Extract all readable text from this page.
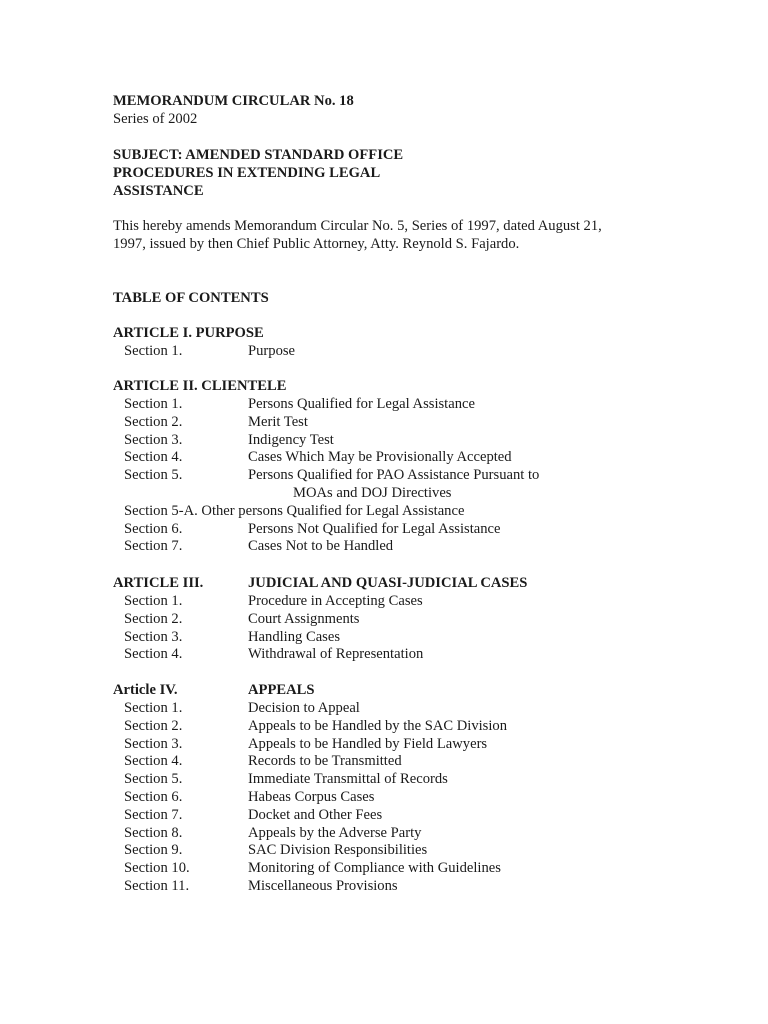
MEMORANDUM CIRCULAR No. 18

Series of 2002

SUBJECT: AMENDED STANDARD OFFICE

PROCEDURES IN EXTENDING LEGAL

ASSISTANCE

This hereby amends Memorandum Circular No. 5, Series of 1997, dated August 21,

1997, issued by then Chief Public Attorney, Atty. Reynold S. Fajardo.

TABLE OF CONTENTS

ARTICLE I. PURPOSE
Section 1.	Purpose
ARTICLE II. CLIENTELE
Section 1.	Persons Qualified for Legal Assistance
Section 2.	Merit Test
Section 3.	Indigency Test
Section 4.	Cases Which May be Provisionally Accepted
Section 5.	Persons Qualified for PAO Assistance Pursuant to
MOAs and DOJ Directives
Section 5-A. Other persons Qualified for Legal Assistance
Section 6.	Persons Not Qualified for Legal Assistance
Section 7.	Cases Not to be Handled
ARTICLE III.	JUDICIAL AND QUASI-JUDICIAL CASES
Section 1.	Procedure in Accepting Cases
Section 2.	Court Assignments
Section 3.	Handling Cases
Section 4.	Withdrawal of Representation
Article IV.	APPEALS
Section 1.	Decision to Appeal
Section 2.	Appeals to be Handled by the SAC Division
Section 3.	Appeals to be Handled by Field Lawyers
Section 4.	Records to be Transmitted
Section 5.	Immediate Transmittal of Records
Section 6.	Habeas Corpus Cases
Section 7.	Docket and Other Fees
Section 8.	Appeals by the Adverse Party
Section 9.	SAC Division Responsibilities
Section 10.	Monitoring of Compliance with Guidelines
Section 11.	Miscellaneous Provisions
